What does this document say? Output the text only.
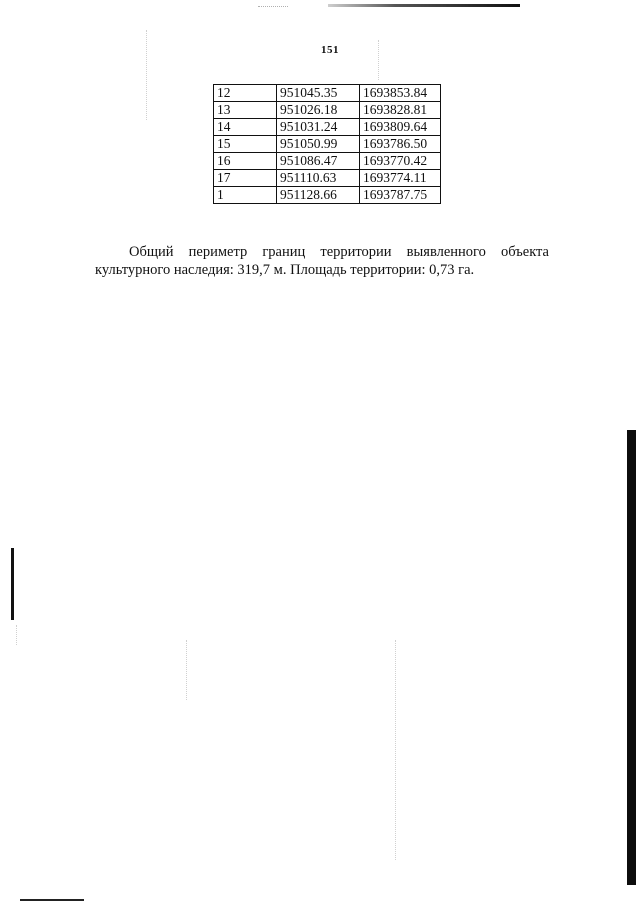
151
12	951045.35	1693853.84
13	951026.18	1693828.81
14	951031.24	1693809.64
15	951050.99	1693786.50
16	951086.47	1693770.42
17	951110.63	1693774.11
1	951128.66	1693787.75
Общий периметр границ территории выявленного объекта
культурного наследия: 319,7 м. Площадь территории: 0,73 га.
